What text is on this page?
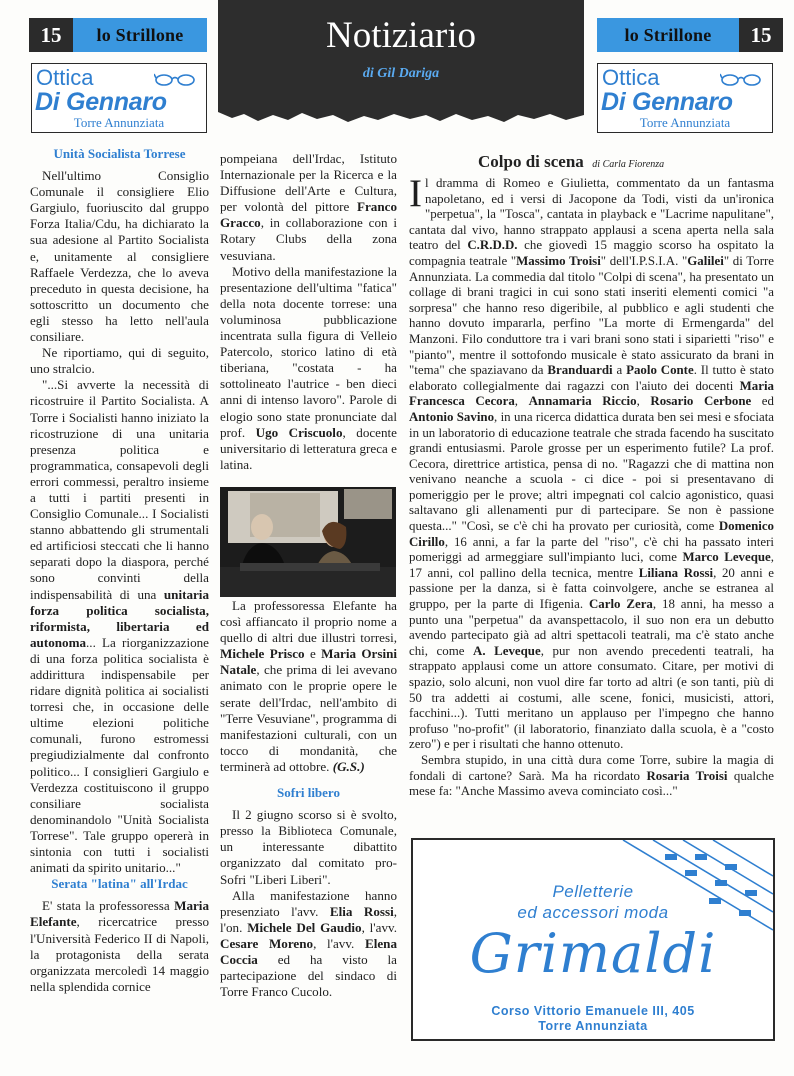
15	lo Strillone	lo Strillone	15
Notiziario
di Gil Dariga
Ottica
Di Gennaro
Torre Annunziata
Ottica
Di Gennaro
Torre Annunziata

Unità Socialista Torrese

Nell'ultimo Consiglio Comunale il consigliere Elio Gargiulo, fuoriuscito dal gruppo Forza Italia/Cdu, ha dichiarato la sua adesione al Partito Socialista e, unitamente al consigliere Raffaele Verdezza, che lo aveva preceduto in questa decisione, ha sottoscritto un documento che egli stesso ha letto nell'aula consiliare.

Ne riportiamo, qui di seguito, uno stralcio.

"...Si avverte la necessità di ricostruire il Partito Socialista. A Torre i Socialisti hanno iniziato la ricostruzione di una unitaria presenza politica e programmatica, consapevoli degli errori commessi, peraltro insieme a tutti i partiti presenti in Consiglio Comunale... I Socialisti stanno abbattendo gli strumentali ed artificiosi steccati che li hanno separati dopo la diaspora, perché sono convinti della indispensabilità di una unitaria forza politica socialista, riformista, libertaria ed autonoma... La riorganizzazione di una forza politica socialista è addirittura indispensabile per ridare dignità politica ai socialisti torresi che, in occasione delle ultime elezioni politiche comunali, furono estromessi pregiudizialmente dal confronto politico... I consiglieri Gargiulo e Verdezza costituiscono il gruppo consiliare socialista denominandolo "Unità Socialista Torrese". Tale gruppo opererà in sintonia con tutti i socialisti animati da spirito unitario..."

Serata "latina" all'Irdac

E' stata la professoressa Maria Elefante, ricercatrice presso l'Università Federico II di Napoli, la protagonista della serata organizzata mercoledì 14 maggio nella splendida cornice

pompeiana dell'Irdac, Istituto Internazionale per la Ricerca e la Diffusione dell'Arte e Cultura, per volontà del pittore Franco Gracco, in collaborazione con i Rotary Clubs della zona vesuviana.

Motivo della manifestazione la presentazione dell'ultima "fatica" della nota docente torrese: una voluminosa pubblicazione incentrata sulla figura di Velleio Patercolo, storico latino di età tiberiana, "costata - ha sottolineato l'autrice - ben dieci anni di intenso lavoro". Parole di elogio sono state pronunciate dal prof. Ugo Criscuolo, docente universitario di letteratura greca e latina.

La professoressa Elefante ha così affiancato il proprio nome a quello di altri due illustri torresi, Michele Prisco e Maria Orsini Natale, che prima di lei avevano animato con le proprie opere le serate dell'Irdac, nell'ambito di "Terre Vesuviane", programma di manifestazioni culturali, con un tocco di mondanità, che terminerà ad ottobre. (G.S.)

Sofri libero

Il 2 giugno scorso si è svolto, presso la Biblioteca Comunale, un interessante dibattito organizzato dal comitato pro-Sofri "Liberi Liberi".

Alla manifestazione hanno presenziato l'avv. Elia Rossi, l'on. Michele Del Gaudio, l'avv. Cesare Moreno, l'avv. Elena Coccia ed ha visto la partecipazione del sindaco di Torre Franco Cucolo.

Colpo di scena di Carla Fiorenza

Il dramma di Romeo e Giulietta, commentato da un fantasma napoletano, ed i versi di Jacopone da Todi, visti da un'ironica "perpetua", la "Tosca", cantata in playback e "Lacrime napulitane", cantata dal vivo, hanno strappato applausi a scena aperta nella sala teatro del C.R.D.D. che giovedì 15 maggio scorso ha ospitato la compagnia teatrale "Massimo Troisi" dell'I.P.S.I.A. "Galilei" di Torre Annunziata. La commedia dal titolo "Colpi di scena", ha presentato un collage di brani tragici in cui sono stati inseriti elementi comici "a sorpresa" che hanno reso digeribile, al pubblico e agli studenti che hanno dovuto impararla, perfino "La morte di Ermengarda" del Manzoni. Filo conduttore tra i vari brani sono stati i siparietti "riso" e "pianto", mentre il sottofondo musicale è stato assicurato da brani in "tema" che spaziavano da Branduardi a Paolo Conte. Il tutto è stato elaborato collegialmente dai ragazzi con l'aiuto dei docenti Maria Francesca Cecora, Annamaria Riccio, Rosario Cerbone ed Antonio Savino, in una ricerca didattica durata ben sei mesi e sfociata in un laboratorio di educazione teatrale che strada facendo ha suscitato grandi entusiasmi. Parole grosse per un esperimento futile? La prof. Cecora, direttrice artistica, pensa di no. "Ragazzi che di mattina non venivano neanche a scuola - ci dice - poi si presentavano di pomeriggio per le prove; altri impegnati col calcio agonistico, quasi saltavano gli allenamenti pur di partecipare. Se non è passione questa..." "Così, se c'è chi ha provato per curiosità, come Domenico Cirillo, 16 anni, a far la parte del "riso", c'è chi ha passato interi pomeriggi ad armeggiare sull'impianto luci, come Marco Leveque, 17 anni, col pallino della tecnica, mentre Liliana Rossi, 20 anni e passione per la danza, si è fatta coinvolgere, anche se estranea al gruppo, per la parte di Ifigenia. Carlo Zera, 18 anni, ha messo a punto una "perpetua" da avanspettacolo, il suo non era un debutto avendo partecipato già ad altri spettacoli teatrali, ma c'è stato anche chi, come A. Leveque, pur non avendo precedenti teatrali, ha strappato applausi come un attore consumato. Citare, per motivi di spazio, solo alcuni, non vuol dire far torto ad altri (e son tanti, più di 50 tra addetti ai costumi, alle scene, fonici, musicisti, attori, facchini...). Tutti meritano un applauso per l'impegno che hanno profuso "no-profit" (il laboratorio, finanziato dalla scuola, è a "costo zero") e per i risultati che hanno ottenuto.

Sembra stupido, in una città dura come Torre, subire la magia di fondali di cartone? Sarà. Ma ha ricordato Rosaria Troisi qualche mese fa: "Anche Massimo aveva cominciato così..."

Pelletterie
ed accessori moda
Grimaldi
Corso Vittorio Emanuele III, 405
Torre Annunziata
